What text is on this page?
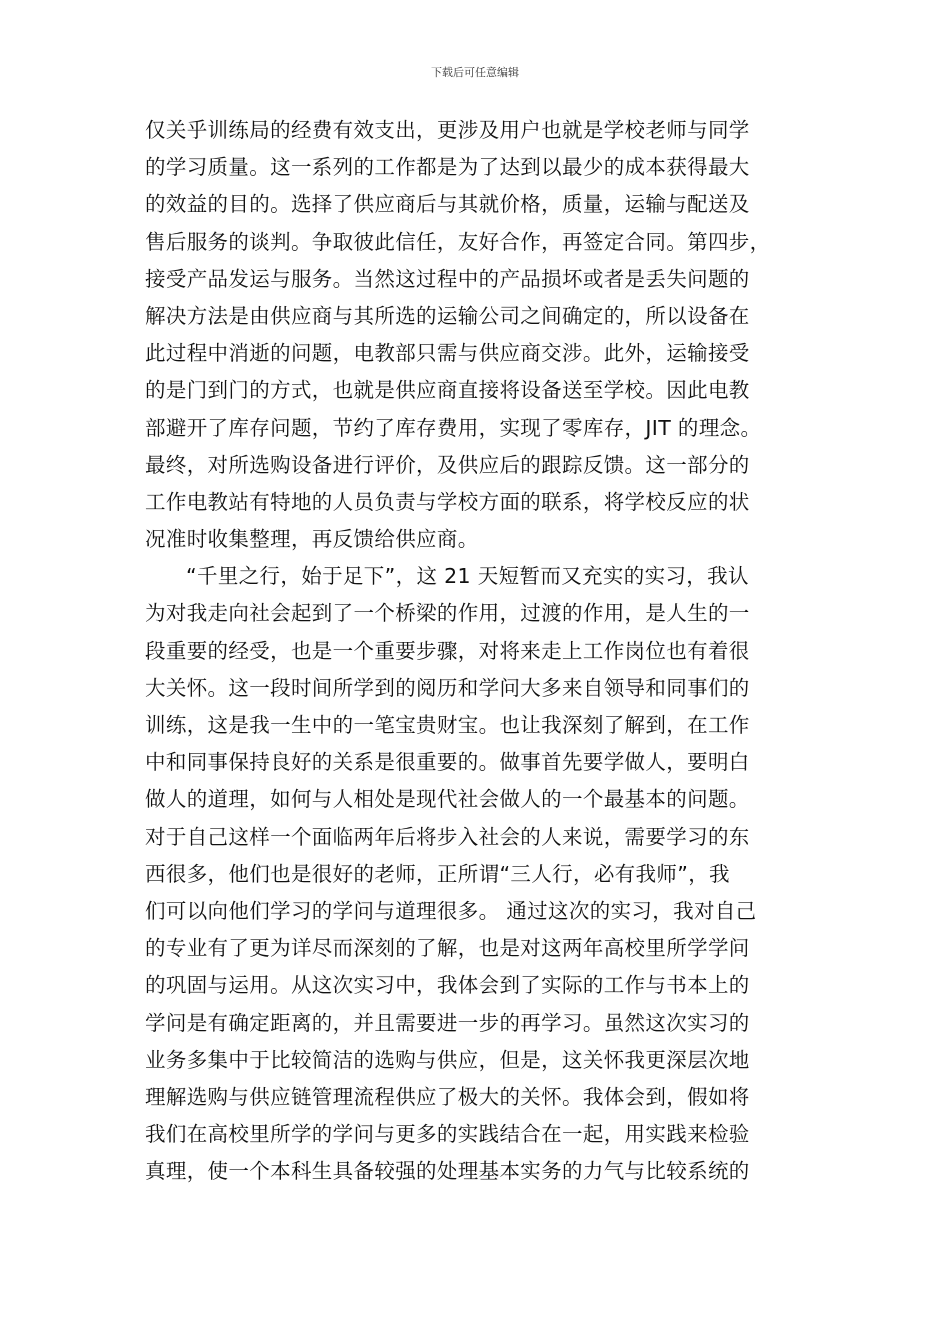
下载后可任意编辑
仅关乎训练局的经费有效支出，更涉及用户也就是学校老师与同学
的学习质量。这一系列的工作都是为了达到以最少的成本获得最大
的效益的目的。选择了供应商后与其就价格，质量，运输与配送及
售后服务的谈判。争取彼此信任，友好合作，再签定合同。第四步，
接受产品发运与服务。当然这过程中的产品损坏或者是丢失问题的
解决方法是由供应商与其所选的运输公司之间确定的，所以设备在
此过程中消逝的问题，电教部只需与供应商交涉。此外，运输接受
的是门到门的方式，也就是供应商直接将设备送至学校。因此电教
部避开了库存问题，节约了库存费用，实现了零库存，JIT 的理念。
最终，对所选购设备进行评价，及供应后的跟踪反馈。这一部分的
工作电教站有特地的人员负责与学校方面的联系，将学校反应的状
况准时收集整理，再反馈给供应商。
“千里之行，始于足下”，这 21 天短暂而又充实的实习，我认
为对我走向社会起到了一个桥梁的作用，过渡的作用，是人生的一
段重要的经受，也是一个重要步骤，对将来走上工作岗位也有着很
大关怀。这一段时间所学到的阅历和学问大多来自领导和同事们的
训练，这是我一生中的一笔宝贵财宝。也让我深刻了解到，在工作
中和同事保持良好的关系是很重要的。做事首先要学做人，要明白
做人的道理，如何与人相处是现代社会做人的一个最基本的问题。
对于自己这样一个面临两年后将步入社会的人来说，需要学习的东
西很多，他们也是很好的老师，正所谓“三人行，必有我师”，我
们可以向他们学习的学问与道理很多。 通过这次的实习，我对自己
的专业有了更为详尽而深刻的了解，也是对这两年高校里所学学问
的巩固与运用。从这次实习中，我体会到了实际的工作与书本上的
学问是有确定距离的，并且需要进一步的再学习。虽然这次实习的
业务多集中于比较简洁的选购与供应，但是，这关怀我更深层次地
理解选购与供应链管理流程供应了极大的关怀。我体会到，假如将
我们在高校里所学的学问与更多的实践结合在一起，用实践来检验
真理，使一个本科生具备较强的处理基本实务的力气与比较系统的
